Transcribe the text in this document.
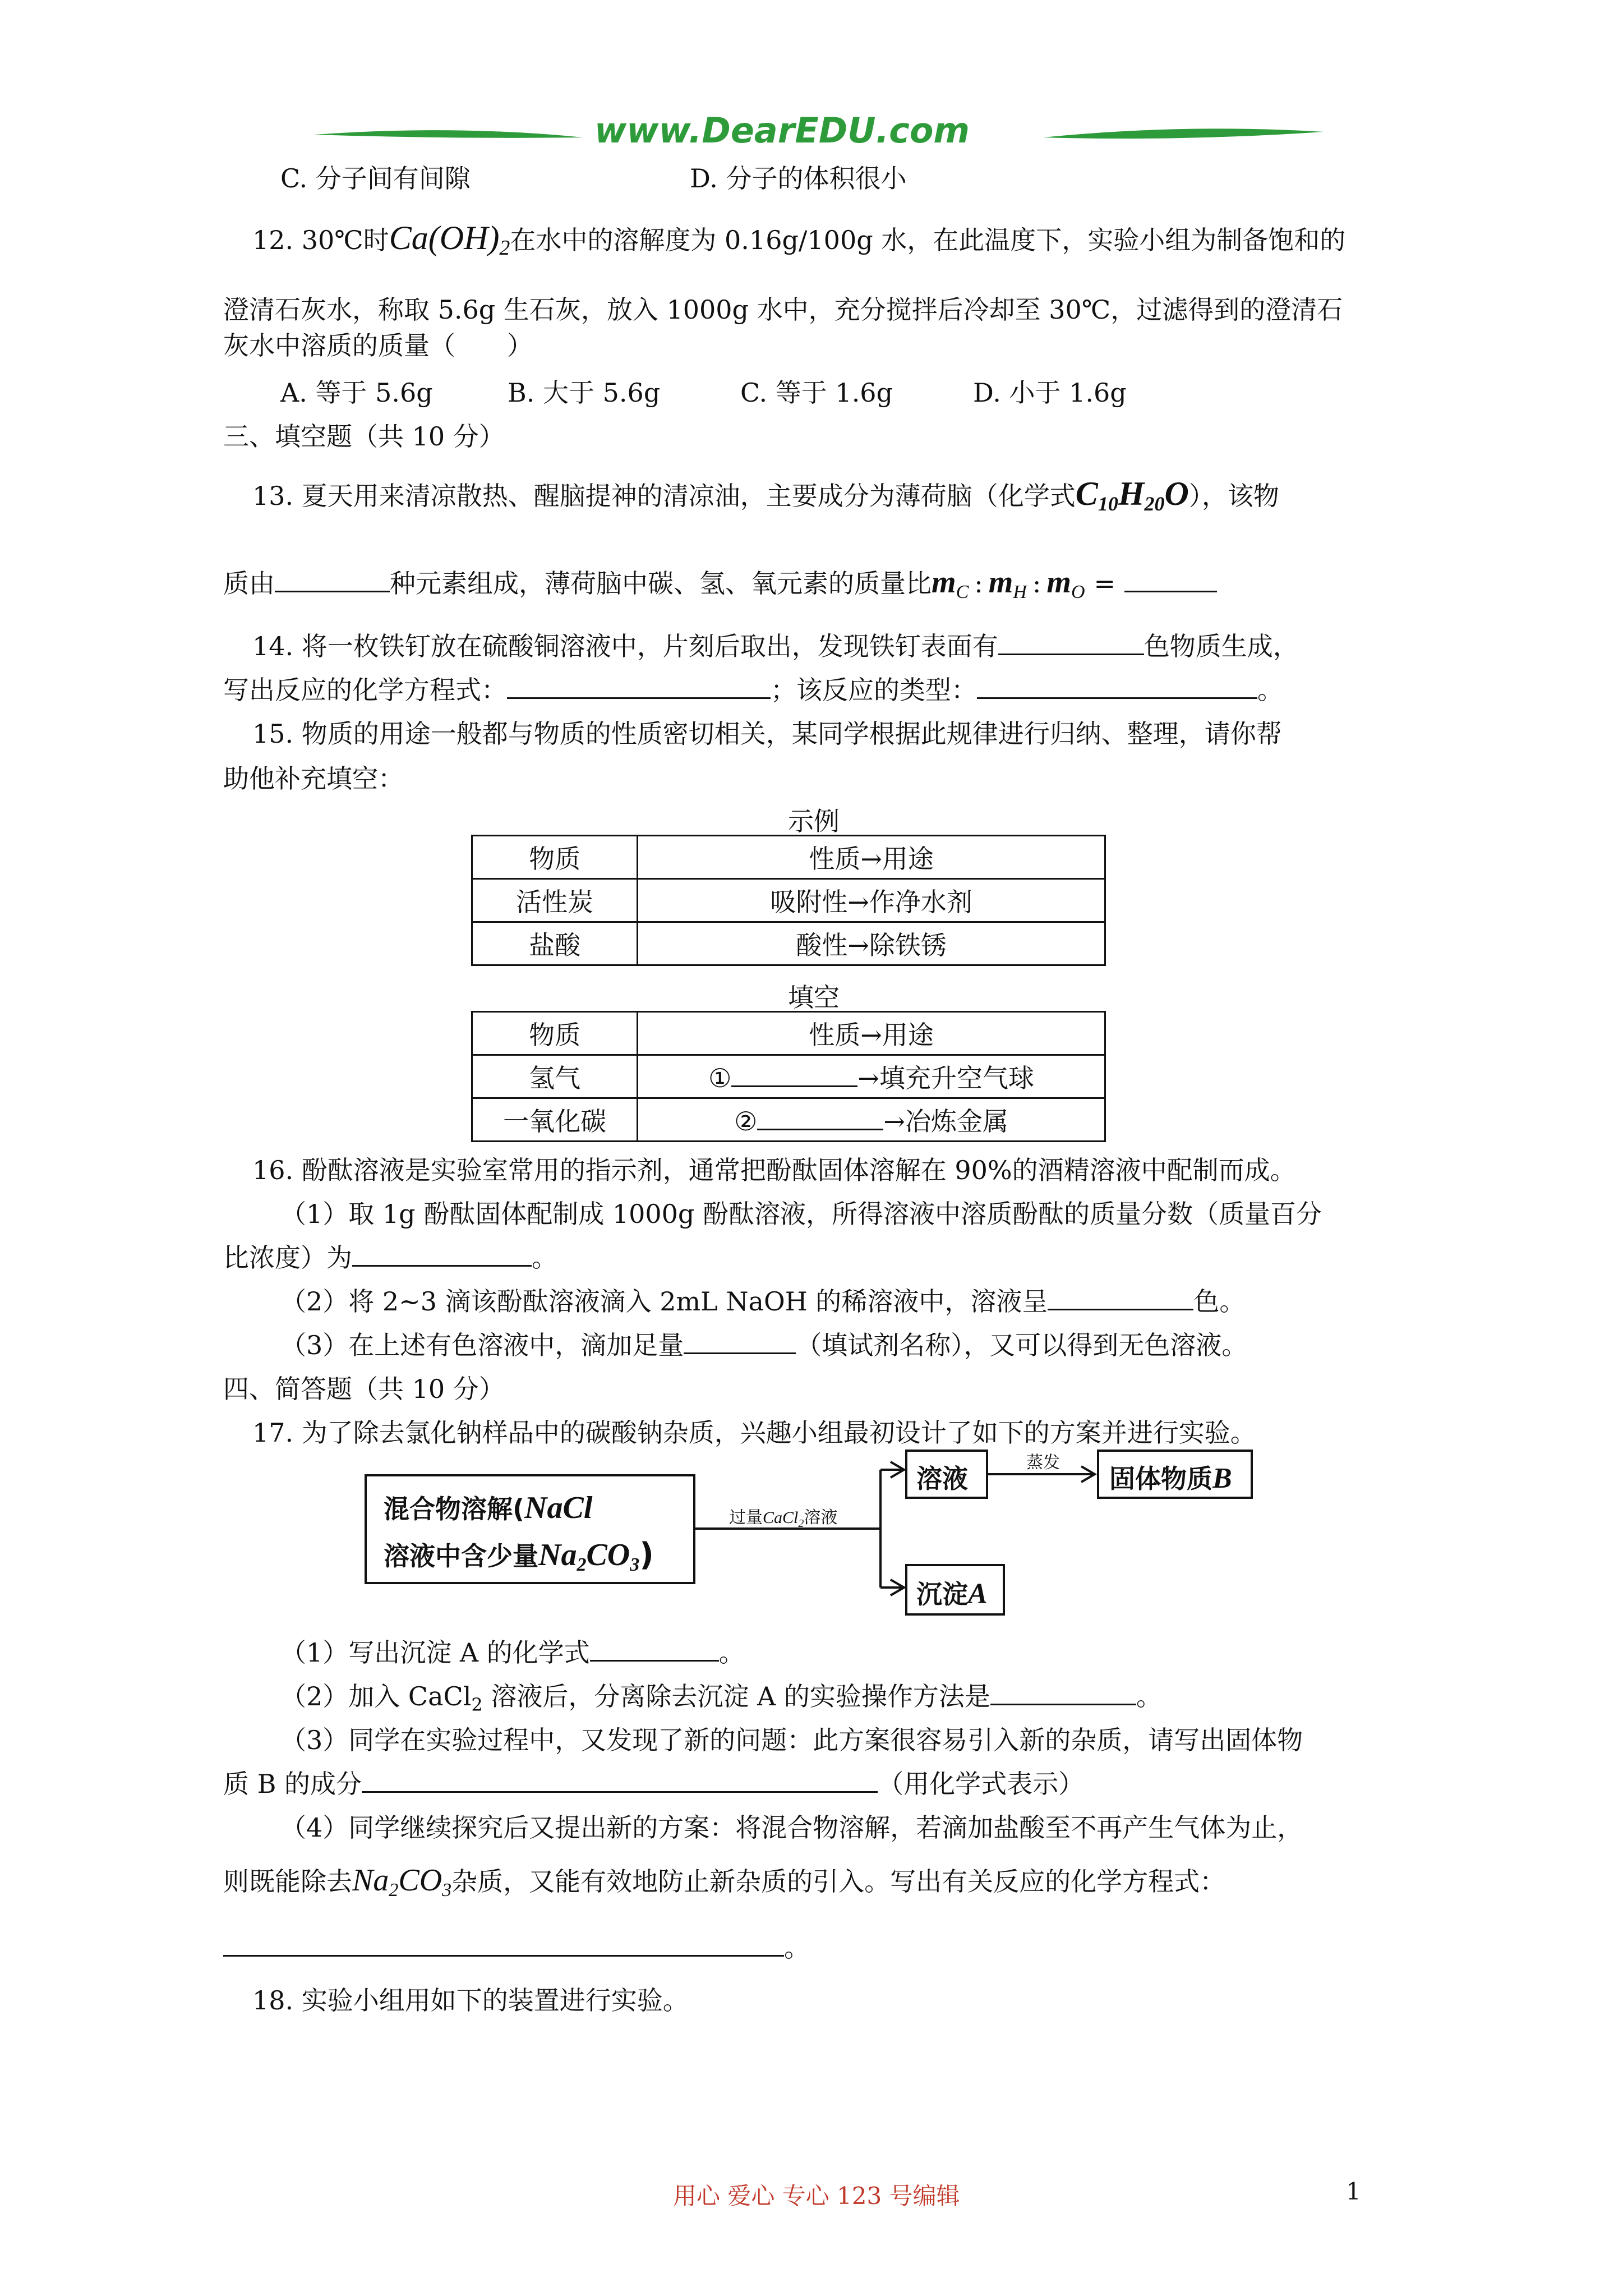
www.DearEDU.com
C. 分子间有间隙	D. 分子的体积很小
12. 30℃时$Ca(OH)_2$在水中的溶解度为 0.16g/100g 水，在此温度下，实验小组为制备饱和的
澄清石灰水，称取 5.6g 生石灰，放入 1000g 水中，充分搅拌后冷却至 30℃，过滤得到的澄清石
灰水中溶质的质量（　　）
A. 等于 5.6g	B. 大于 5.6g	C. 等于 1.6g	D. 小于 1.6g
三、填空题（共 10 分）
13. 夏天用来清凉散热、醒脑提神的清凉油，主要成分为薄荷脑（化学式$C_{10}H_{20}O$），该物
质由	种元素组成，薄荷脑中碳、氢、氧元素的质量比$m_C$ : $m_H$ : $m_O$ =
14. 将一枚铁钉放在硫酸铜溶液中，片刻后取出，发现铁钉表面有	色物质生成，
写出反应的化学方程式：	；该反应的类型：	。
15. 物质的用途一般都与物质的性质密切相关，某同学根据此规律进行归纳、整理，请你帮
助他补充填空：
示例
物质	性质→用途
活性炭	吸附性→作净水剂
盐酸	酸性→除铁锈
填空
物质	性质→用途
氢气	① →填充升空气球
一氧化碳	② →冶炼金属
16. 酚酞溶液是实验室常用的指示剂，通常把酚酞固体溶解在 90%的酒精溶液中配制而成。
（1）取 1g 酚酞固体配制成 1000g 酚酞溶液，所得溶液中溶质酚酞的质量分数（质量百分
比浓度）为	。
（2）将 2~3 滴该酚酞溶液滴入 2mL NaOH 的稀溶液中，溶液呈	色。
（3）在上述有色溶液中，滴加足量	（填试剂名称），又可以得到无色溶液。
四、简答题（共 10 分）
17. 为了除去氯化钠样品中的碳酸钠杂质，兴趣小组最初设计了如下的方案并进行实验。
混合物溶解(NaCl
溶液中含少量$Na_2CO_3$)
过量CaCl$_2$溶液
溶液
蒸发
固体物质B
沉淀A
（1）写出沉淀 A 的化学式	。
（2）加入 CaCl$_2$ 溶液后，分离除去沉淀 A 的实验操作方法是	。
（3）同学在实验过程中，又发现了新的问题：此方案很容易引入新的杂质，请写出固体物
质 B 的成分	（用化学式表示）
（4）同学继续探究后又提出新的方案：将混合物溶解，若滴加盐酸至不再产生气体为止，
则既能除去$Na_2CO_3$杂质，又能有效地防止新杂质的引入。写出有关反应的化学方程式：
。
18. 实验小组用如下的装置进行实验。
用心 爱心 专心 123 号编辑	1
